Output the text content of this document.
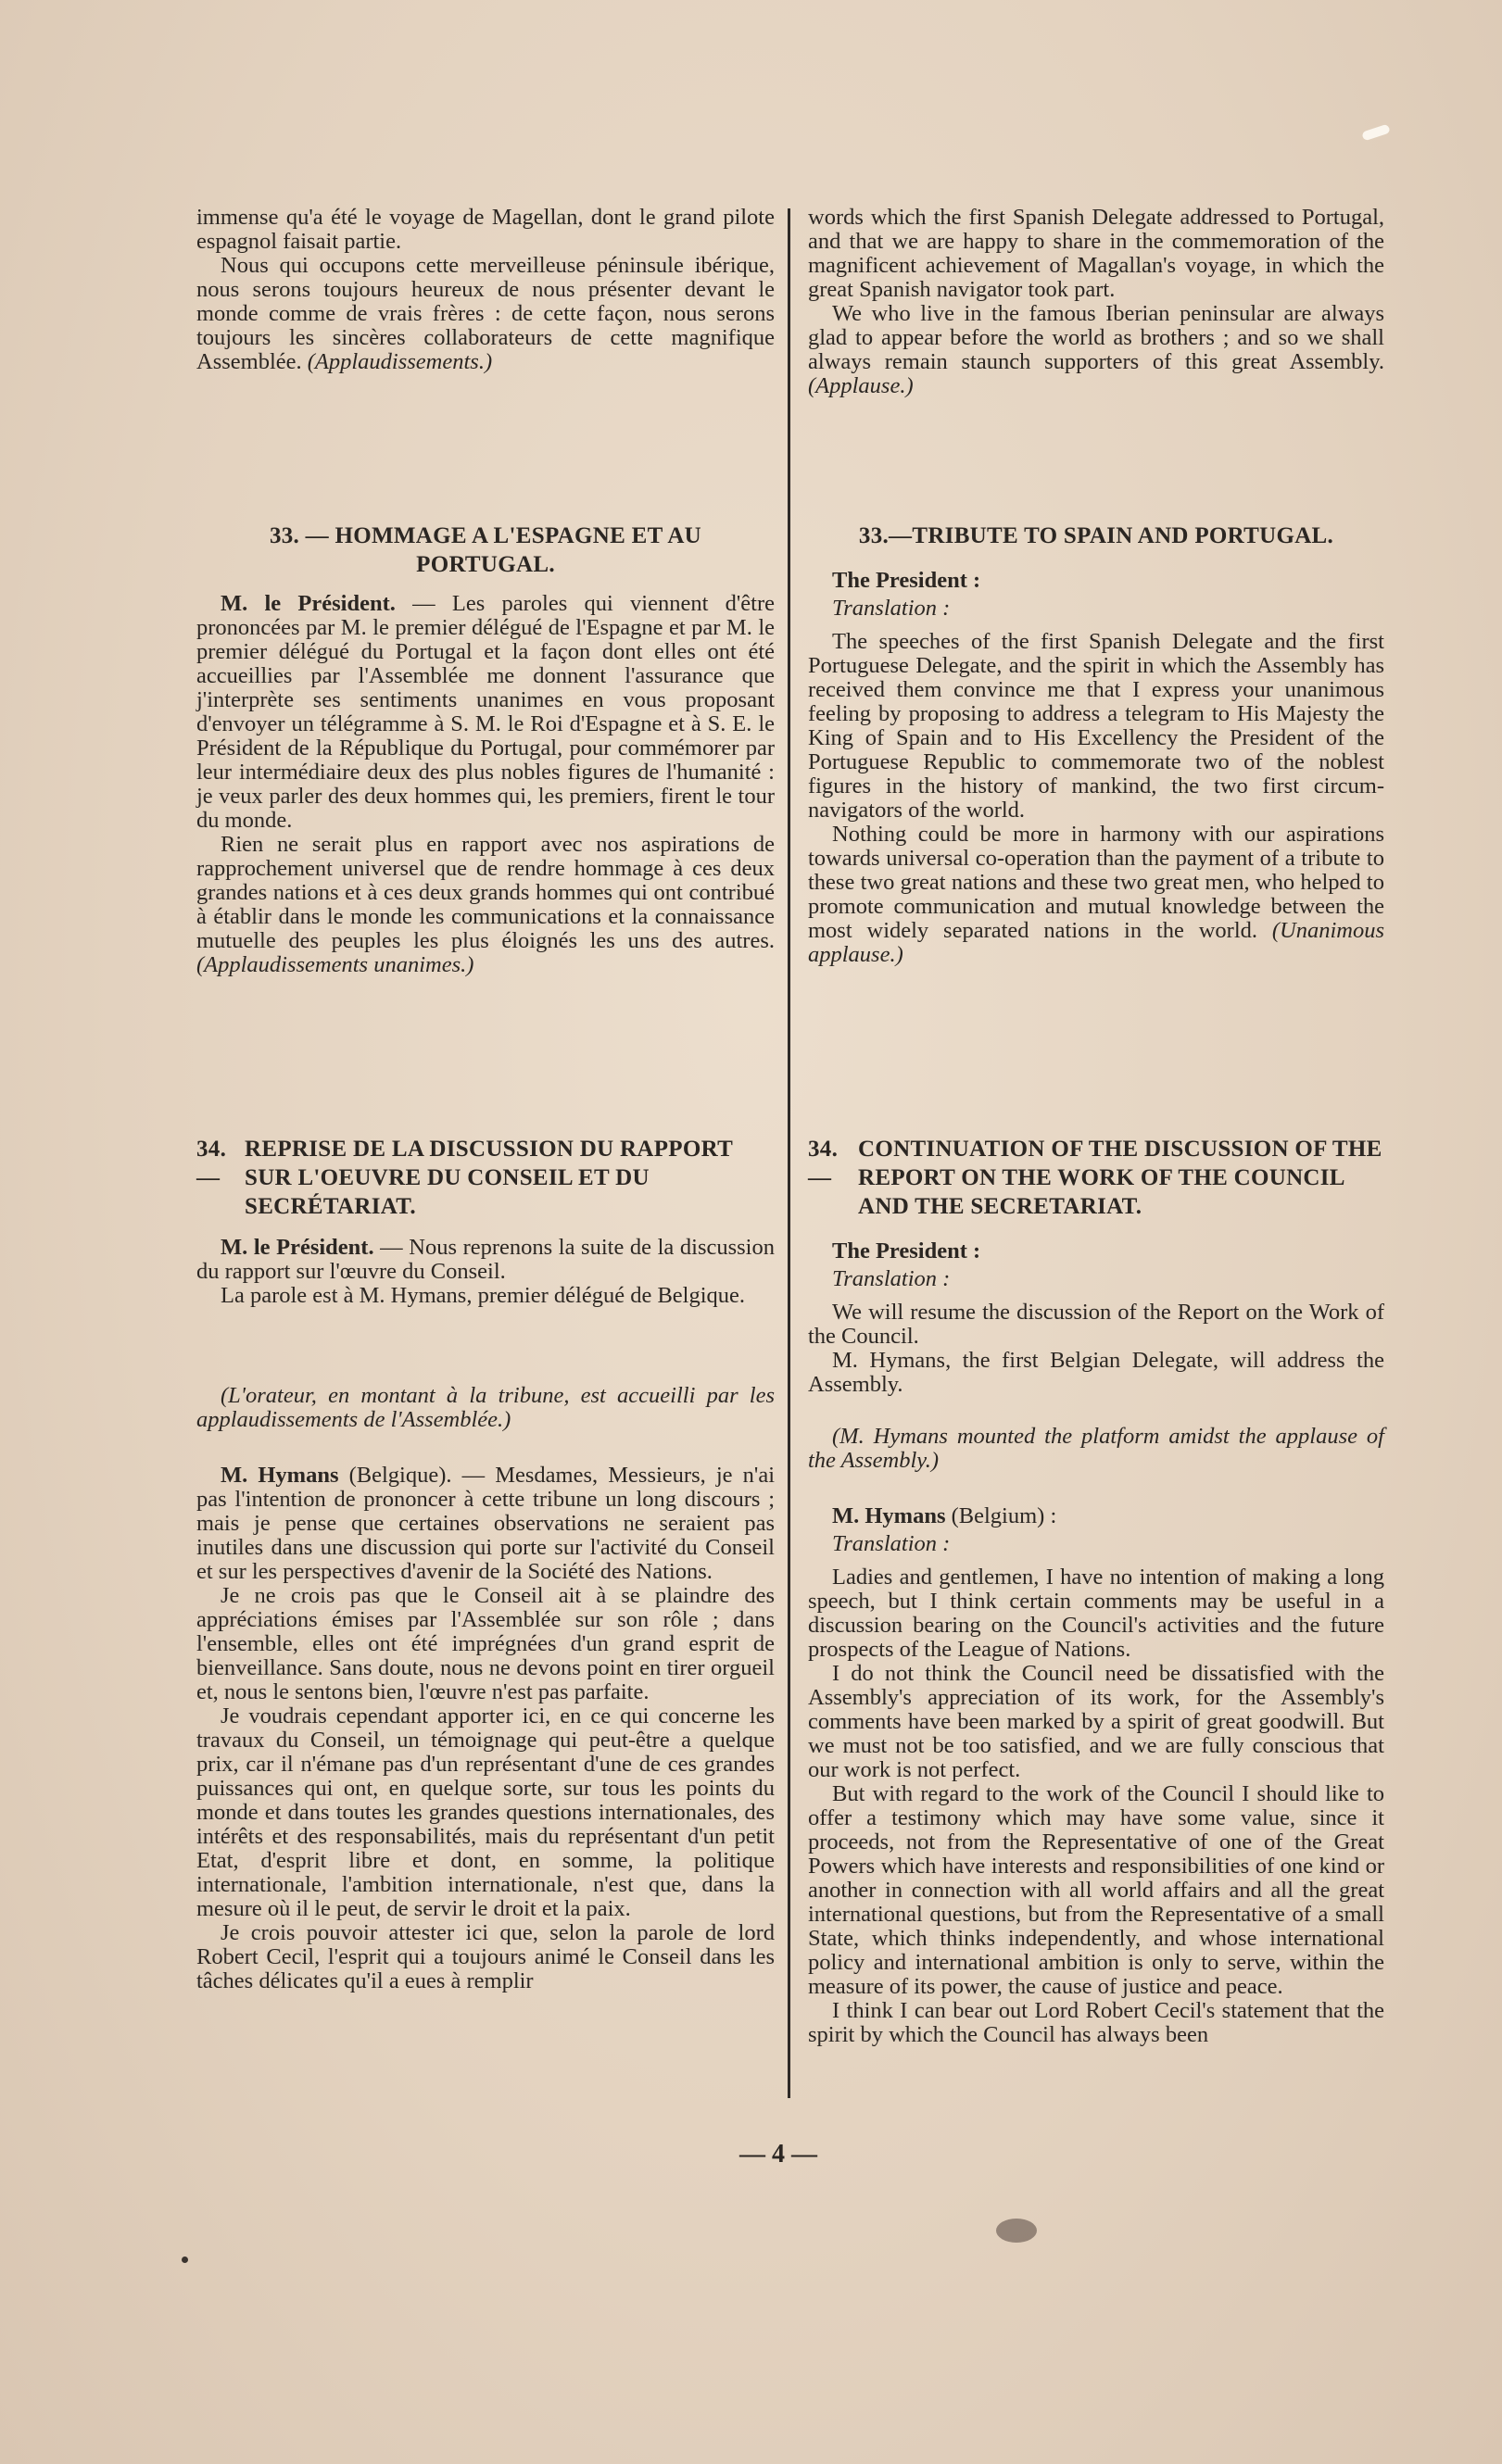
immense qu'a été le voyage de Magellan, dont le grand pilote espagnol faisait partie.

Nous qui occupons cette merveilleuse péninsule ibérique, nous serons toujours heureux de nous présenter devant le monde comme de vrais frères : de cette façon, nous serons toujours les sincères collaborateurs de cette magnifique Assemblée. (Applaudissements.)

33. — HOMMAGE A L'ESPAGNE ET AU PORTUGAL.

M. le Président. — Les paroles qui viennent d'être prononcées par M. le premier délégué de l'Espagne et par M. le premier délégué du Portugal et la façon dont elles ont été accueillies par l'Assemblée me donnent l'assurance que j'interprète ses sentiments unanimes en vous proposant d'envoyer un télégramme à S. M. le Roi d'Espagne et à S. E. le Président de la République du Portugal, pour commémorer par leur intermédiaire deux des plus nobles figures de l'humanité : je veux parler des deux hommes qui, les premiers, firent le tour du monde.

Rien ne serait plus en rapport avec nos aspirations de rapprochement universel que de rendre hommage à ces deux grandes nations et à ces deux grands hommes qui ont contribué à établir dans le monde les communications et la connaissance mutuelle des peuples les plus éloignés les uns des autres. (Applaudissements unanimes.)

34. —
REPRISE DE LA DISCUSSION DU RAPPORT SUR L'OEUVRE DU CONSEIL ET DU SECRÉTARIAT.

M. le Président. — Nous reprenons la suite de la discussion du rapport sur l'œuvre du Conseil.

La parole est à M. Hymans, premier délégué de Belgique.

(L'orateur, en montant à la tribune, est accueilli par les applaudissements de l'Assemblée.)

M. Hymans (Belgique). — Mesdames, Messieurs, je n'ai pas l'intention de prononcer à cette tribune un long discours ; mais je pense que certaines observations ne seraient pas inutiles dans une discussion qui porte sur l'activité du Conseil et sur les perspectives d'avenir de la Société des Nations.

Je ne crois pas que le Conseil ait à se plaindre des appréciations émises par l'Assemblée sur son rôle ; dans l'ensemble, elles ont été imprégnées d'un grand esprit de bienveillance. Sans doute, nous ne devons point en tirer orgueil et, nous le sentons bien, l'œuvre n'est pas parfaite.

Je voudrais cependant apporter ici, en ce qui concerne les travaux du Conseil, un témoignage qui peut-être a quelque prix, car il n'émane pas d'un représentant d'une de ces grandes puissances qui ont, en quelque sorte, sur tous les points du monde et dans toutes les grandes questions internationales, des intérêts et des responsabilités, mais du représentant d'un petit Etat, d'esprit libre et dont, en somme, la politique internationale, l'ambition internationale, n'est que, dans la mesure où il le peut, de servir le droit et la paix.

Je crois pouvoir attester ici que, selon la parole de lord Robert Cecil, l'esprit qui a toujours animé le Conseil dans les tâches délicates qu'il a eues à remplir

words which the first Spanish Delegate addressed to Portugal, and that we are happy to share in the commemoration of the magnificent achievement of Magallan's voyage, in which the great Spanish navigator took part.

We who live in the famous Iberian peninsular are always glad to appear before the world as brothers ; and so we shall always remain staunch supporters of this great Assembly. (Applause.)

33.—TRIBUTE TO SPAIN AND PORTUGAL.
The President :
Translation :

The speeches of the first Spanish Delegate and the first Portuguese Delegate, and the spirit in which the Assembly has received them convince me that I express your unanimous feeling by proposing to address a telegram to His Majesty the King of Spain and to His Excellency the President of the Portuguese Republic to commemorate two of the noblest figures in the history of mankind, the two first circum-navigators of the world.

Nothing could be more in harmony with our aspirations towards universal co-operation than the payment of a tribute to these two great nations and these two great men, who helped to promote communication and mutual knowledge between the most widely separated nations in the world. (Unanimous applause.)

34.—
CONTINUATION OF THE DISCUSSION OF THE REPORT ON THE WORK OF THE COUNCIL AND THE SECRETARIAT.
The President :
Translation :

We will resume the discussion of the Report on the Work of the Council.

M. Hymans, the first Belgian Delegate, will address the Assembly.

(M. Hymans mounted the platform amidst the applause of the Assembly.)

M. Hymans (Belgium) :

Translation :

Ladies and gentlemen, I have no intention of making a long speech, but I think certain comments may be useful in a discussion bearing on the Council's activities and the future prospects of the League of Nations.

I do not think the Council need be dissatisfied with the Assembly's appreciation of its work, for the Assembly's comments have been marked by a spirit of great goodwill. But we must not be too satisfied, and we are fully conscious that our work is not perfect.

But with regard to the work of the Council I should like to offer a testimony which may have some value, since it proceeds, not from the Representative of one of the Great Powers which have interests and responsibilities of one kind or another in connection with all world affairs and all the great international questions, but from the Representative of a small State, which thinks independently, and whose international policy and international ambition is only to serve, within the measure of its power, the cause of justice and peace.

I think I can bear out Lord Robert Cecil's statement that the spirit by which the Council has always been

— 4 —
